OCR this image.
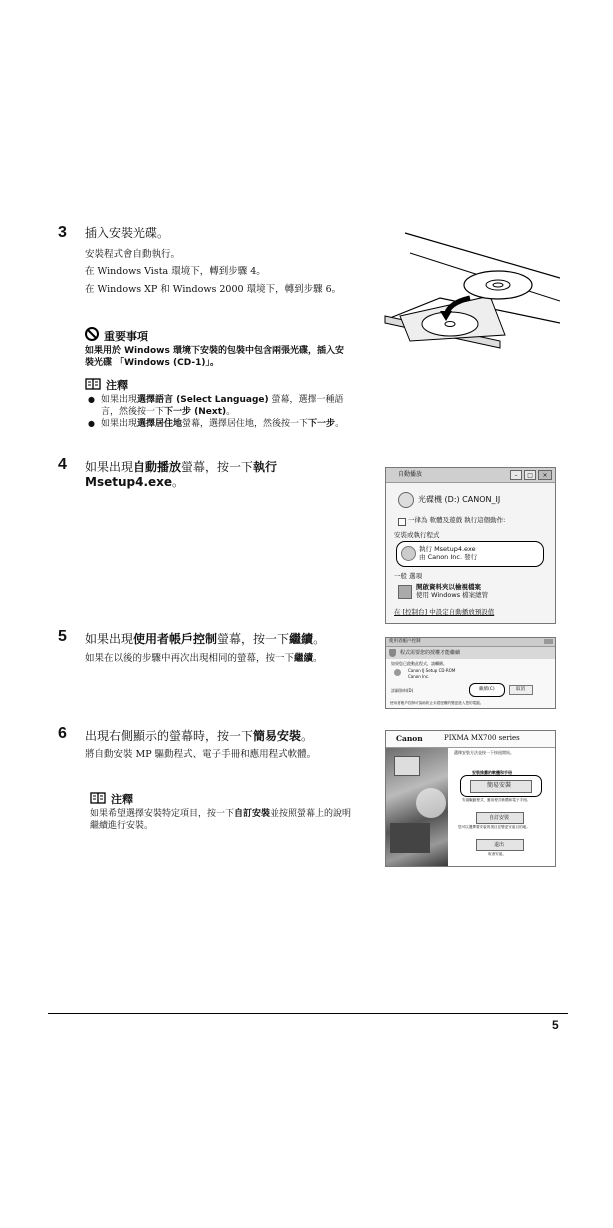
3 插入安裝光碟。
安裝程式會自動執行。
在 Windows Vista 環境下，轉到步驟 4。
在 Windows XP 和 Windows 2000 環境下，轉到步驟 6。
重要事項
如果用於 Windows 環境下安裝的包裝中包含兩張光碟，插入安裝光碟 「Windows (CD-1)」。
注釋
● 如果出現選擇語言 (Select Language) 螢幕，選擇一種語言，然後按一下下一步 (Next)。
● 如果出現選擇居住地螢幕，選擇居住地，然後按一下下一步。
4 如果出現自動播放螢幕，按一下執行 Msetup4.exe。
自動播放	– □ ×
光碟機 (D:) CANON_IJ
一律為 軟體及遊戲 執行這個動作:
安裝或執行程式
執行 Msetup4.exe
由 Canon Inc. 發行
一般 選項
開啟資料夾以檢視檔案
使用 Windows 檔案總管
在 [控制台] 中設定自動播放預設值
5 如果出現使用者帳戶控制螢幕，按一下繼續。
如果在以後的步驟中再次出現相同的螢幕，按一下繼續。
使用者帳戶控制
程式需要您的授權才能繼續
如果您已啟動此程式，請繼續。
Canon IJ Setup CD-ROM
Canon Inc.
詳細資料(D)	繼續(C)	取消
使用者帳戶控制可協助防止未經授權的變更進入您的電腦。
6 出現右側顯示的螢幕時，按一下簡易安裝。
將自動安裝 MP 驅動程式、電子手冊和應用程式軟體。
注釋
如果希望選擇安裝特定項目，按一下自訂安裝並按照螢幕上的說明繼續進行安裝。
Canon	PIXMA MX700 series
選擇安裝方法並按一下按鈕開始。
安裝推薦的軟體和手冊
簡易安裝
安裝驅動程式、應用程式軟體和電子手冊。
自訂安裝
您可以選擇要安裝的項目並變更安裝目的地。
退出
取消安裝。
5
